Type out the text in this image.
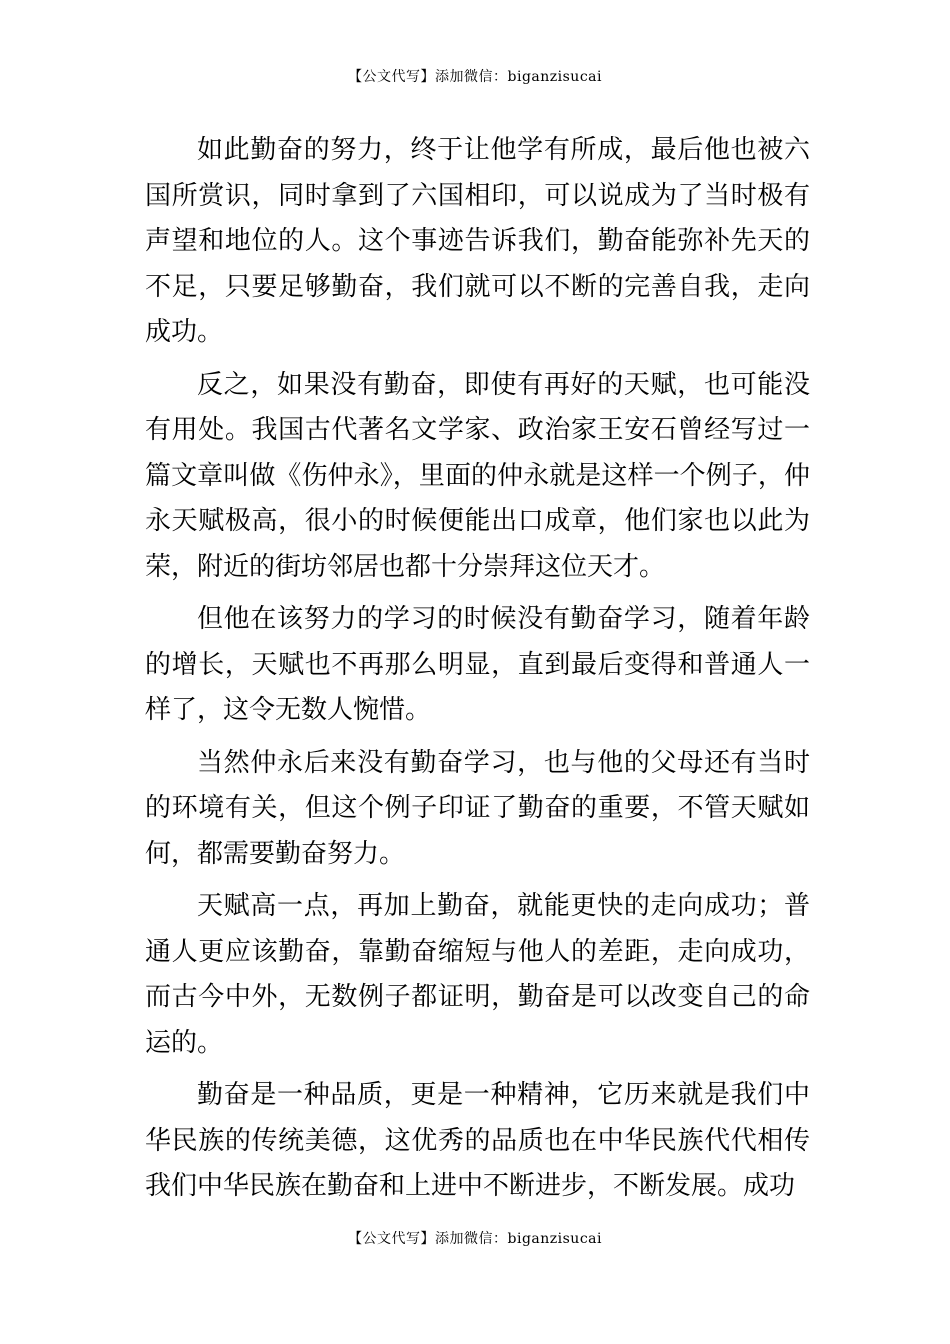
【公文代写】添加微信：biganzisucai

如此勤奋的努力，终于让他学有所成，最后他也被六国所赏识，同时拿到了六国相印，可以说成为了当时极有声望和地位的人。这个事迹告诉我们，勤奋能弥补先天的不足，只要足够勤奋，我们就可以不断的完善自我，走向成功。

反之，如果没有勤奋，即使有再好的天赋，也可能没有用处。我国古代著名文学家、政治家王安石曾经写过一篇文章叫做《伤仲永》，里面的仲永就是这样一个例子，仲永天赋极高，很小的时候便能出口成章，他们家也以此为荣，附近的街坊邻居也都十分崇拜这位天才。

但他在该努力的学习的时候没有勤奋学习，随着年龄的增长，天赋也不再那么明显，直到最后变得和普通人一样了，这令无数人惋惜。

当然仲永后来没有勤奋学习，也与他的父母还有当时的环境有关，但这个例子印证了勤奋的重要，不管天赋如何，都需要勤奋努力。

天赋高一点，再加上勤奋，就能更快的走向成功；普通人更应该勤奋，靠勤奋缩短与他人的差距，走向成功，而古今中外，无数例子都证明，勤奋是可以改变自己的命运的。

勤奋是一种品质，更是一种精神，它历来就是我们中华民族的传统美德，这优秀的品质也在中华民族代代相传我们中华民族在勤奋和上进中不断进步，不断发展。成功

【公文代写】添加微信：biganzisucai
